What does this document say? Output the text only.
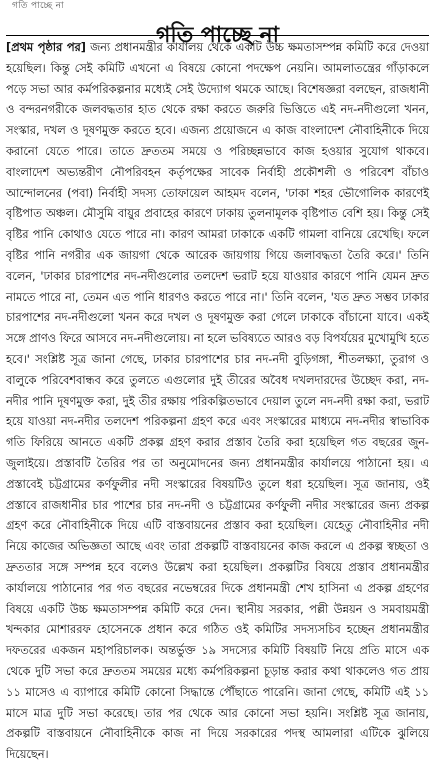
গতি পাচ্ছে না
গতি পাচ্ছে না

[প্রথম পৃষ্ঠার পর] জন্য প্রধানমন্ত্রীর কার্যালয় থেকে একটি উচ্চ ক্ষমতাসম্পন্ন কমিটি করে দেওয়া হয়েছিল। কিন্তু সেই কমিটি এখনো এ বিষয়ে কোনো পদক্ষেপ নেয়নি। আমলাতন্ত্রের গাঁড়াকলে পড়ে সভা আর কর্মপরিকল্পনার মধ্যেই সেই উদ্যোগ থমকে আছে। বিশেষজ্ঞরা বলছেন, রাজধানী ও বন্দরনগরীকে জলবদ্ধতার হাত থেকে রক্ষা করতে জরুরি ভিত্তিতে এই নদ-নদীগুলো খনন, সংস্কার, দখল ও দূষণমুক্ত করতে হবে। এজন্য প্রয়োজনে এ কাজ বাংলাদেশ নৌবাহিনীকে দিয়ে করানো যেতে পারে। তাতে দ্রুততম সময়ে ও পরিচ্ছন্নভাবে কাজ হওয়ার সুযোগ থাকবে। বাংলাদেশ অভ্যন্তরীণ নৌপরিবহন কর্তৃপক্ষের সাবেক নির্বাহী প্রকৌশলী ও পরিবেশ বাঁচাও আন্দোলনের (পবা) নির্বাহী সদস্য তোফায়েল আহমদ বলেন, 'ঢাকা শহর ভৌগোলিক কারণেই বৃষ্টিপাত অঞ্চল। মৌসুমি বায়ুর প্রবাহের কারণে ঢাকায় তুলনামূলক বৃষ্টিপাত বেশি হয়। কিন্তু সেই বৃষ্টির পানি কোথাও যেতে পারে না। কারণ আমরা ঢাকাকে একটি গামলা বানিয়ে রেখেছি। ফলে বৃষ্টির পানি নগরীর এক জায়গা থেকে আরেক জায়গায় গিয়ে জলাবদ্ধতা তৈরি করে।' তিনি বলেন, 'ঢাকার চারপাশের নদ-নদীগুলোর তলদেশ ভরাট হয়ে যাওয়ার কারণে পানি যেমন দ্রুত নামতে পারে না, তেমন এত পানি ধারণও করতে পারে না।' তিনি বলেন, 'যত দ্রুত সম্ভব ঢাকার চারপাশের নদ-নদীগুলো খনন করে দখল ও দূষণমুক্ত করা গেলে ঢাকাকে বাঁচানো যাবে। একই সঙ্গে প্রাণও ফিরে আসবে নদ-নদীগুলোয়। না হলে ভবিষ্যতে আরও বড় বিপর্যয়ের মুখোমুখি হতে হবে।' সংশ্লিষ্ট সূত্র জানা গেছে, ঢাকার চারপাশের চার নদ-নদী বুড়িগঙ্গা, শীতলক্ষ্যা, তুরাগ ও বালুকে পরিবেশবান্ধব করে তুলতে এগুলোর দুই তীরের অবৈধ দখলদারদের উচ্ছেদ করা, নদ-নদীর পানি দূষণমুক্ত করা, দুই তীর রক্ষায় পরিকল্পিতভাবে দেয়াল তুলে নদ-নদী রক্ষা করা, ভরাট হয়ে যাওয়া নদ-নদীর তলদেশ পরিকল্পনা গ্রহণ করে এবং সংস্কারের মাধ্যমে নদ-নদীর স্বাভাবিক গতি ফিরিয়ে আনতে একটি প্রকল্প গ্রহণ করার প্রস্তাব তৈরি করা হয়েছিল গত বছরের জুন-জুলাইয়ে। প্রস্তাবটি তৈরির পর তা অনুমোদনের জন্য প্রধানমন্ত্রীর কার্যালয়ে পাঠানো হয়। এ প্রস্তাবেই চট্টগ্রামের কর্ণফুলীর নদী সংস্কারের বিষয়টিও তুলে ধরা হয়েছিল। সূত্র জানায়, ওই প্রস্তাবে রাজধানীর চার পাশের চার নদ-নদী ও চট্টগ্রামের কর্ণফুলী নদীর সংস্কারের জন্য প্রকল্প গ্রহণ করে নৌবাহিনীকে দিয়ে এটি বাস্তবায়নের প্রস্তাব করা হয়েছিল। যেহেতু নৌবাহিনীর নদী নিয়ে কাজের অভিজ্ঞতা আছে এবং তারা প্রকল্পটি বাস্তবায়নের কাজ করলে এ প্রকল্প স্বচ্ছতা ও দ্রুততার সঙ্গে সম্পন্ন হবে বলেও উল্লেখ করা হয়েছিল। প্রকল্পটির বিষয়ে প্রস্তাব প্রধানমন্ত্রীর কার্যালয়ে পাঠানোর পর গত বছরের নভেম্বরের দিকে প্রধানমন্ত্রী শেখ হাসিনা এ প্রকল্প গ্রহণের বিষয়ে একটি উচ্চ ক্ষমতাসম্পন্ন কমিটি করে দেন। স্থানীয় সরকার, পল্লী উন্নয়ন ও সমবায়মন্ত্রী খন্দকার মোশাররফ হোসেনকে প্রধান করে গঠিত ওই কমিটির সদস্যসচিব হচ্ছেন প্রধানমন্ত্রীর দফতরের একজন মহাপরিচালক। অন্তর্ভুক্ত ১৯ সদস্যের কমিটি বিষয়টি নিয়ে প্রতি মাসে এক থেকে দুটি সভা করে দ্রুততম সময়ের মধ্যে কর্মপরিকল্পনা চূড়ান্ত করার কথা থাকলেও গত প্রায় ১১ মাসেও এ ব্যাপারে কমিটি কোনো সিদ্ধান্তে পৌঁছাতে পারেনি। জানা গেছে, কমিটি এই ১১ মাসে মাত্র দুটি সভা করেছে। তার পর থেকে আর কোনো সভা হয়নি। সংশ্লিষ্ট সূত্র জানায়, প্রকল্পটি বাস্তবায়নে নৌবাহিনীকে কাজ না দিয়ে সরকারের পদস্থ আমলারা এটিকে ঝুলিয়ে দিয়েছেন।
